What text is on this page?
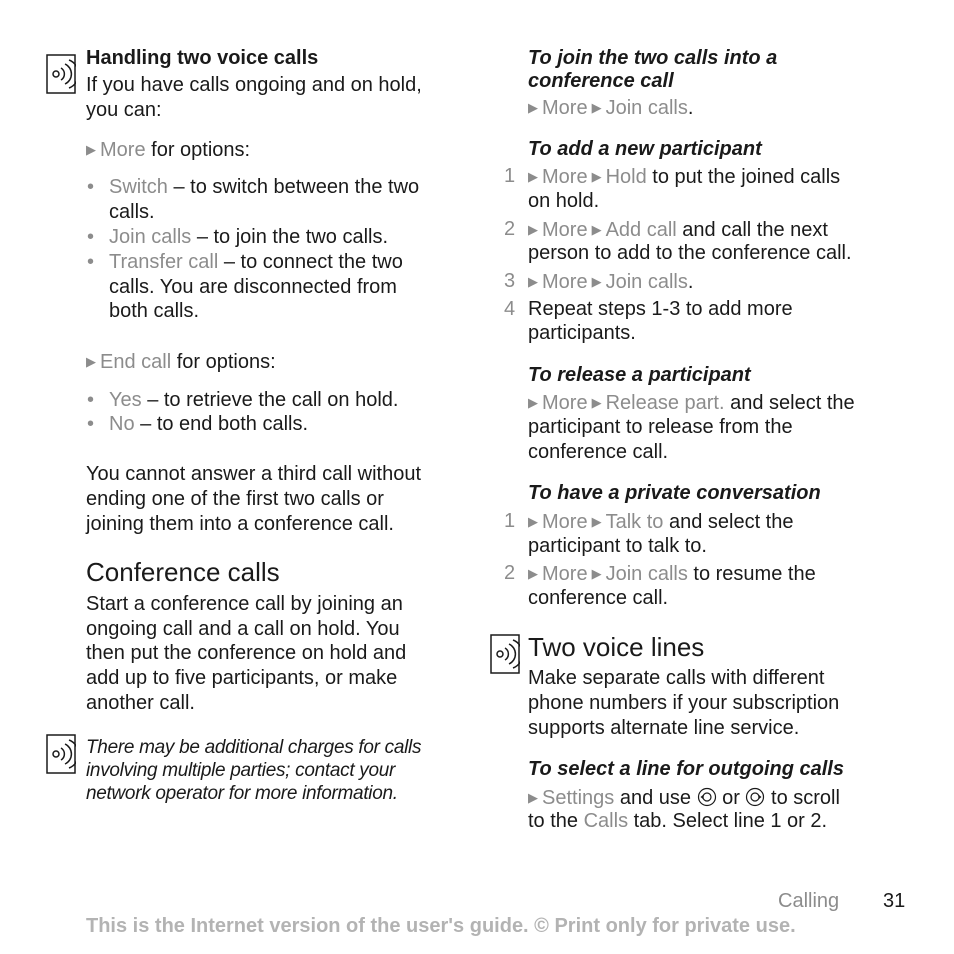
Handling two voice calls
If you have calls ongoing and on hold,
you can:
▶ More for options:
• Switch – to switch between the two
calls.
• Join calls – to join the two calls.
• Transfer call – to connect the two
calls. You are disconnected from
both calls.
▶ End call for options:
• Yes – to retrieve the call on hold.
• No – to end both calls.
You cannot answer a third call without
ending one of the first two calls or
joining them into a conference call.
Conference calls
Start a conference call by joining an
ongoing call and a call on hold. You
then put the conference on hold and
add up to five participants, or make
another call.
There may be additional charges for calls
involving multiple parties; contact your
network operator for more information.
To join the two calls into a
conference call
▶ More ▶ Join calls.
To add a new participant
1 ▶ More ▶ Hold to put the joined calls
on hold.
2 ▶ More ▶ Add call and call the next
person to add to the conference call.
3 ▶ More ▶ Join calls.
4 Repeat steps 1-3 to add more
participants.
To release a participant
▶ More ▶ Release part. and select the
participant to release from the
conference call.
To have a private conversation
1 ▶ More ▶ Talk to and select the
participant to talk to.
2 ▶ More ▶ Join calls to resume the
conference call.
Two voice lines
Make separate calls with different
phone numbers if your subscription
supports alternate line service.
To select a line for outgoing calls
▶ Settings and use  or  to scroll
to the Calls tab. Select line 1 or 2.
Calling 31
This is the Internet version of the user's guide. © Print only for private use.
